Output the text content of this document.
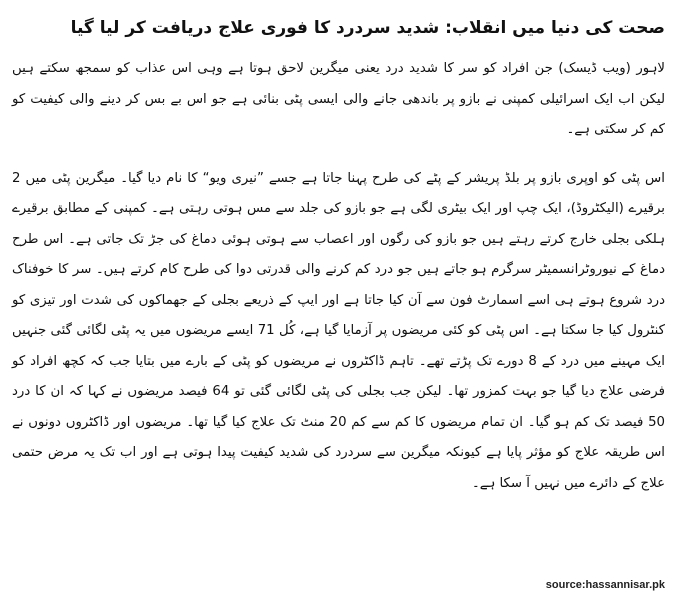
صحت کی دنیا میں انقلاب: شدید سردرد کا فوری علاج دریافت کر لیا گیا

لاہور (ویب ڈیسک) جن افراد کو سر کا شدید درد یعنی میگرین لاحق ہوتا ہے وہی اس عذاب کو سمجھ سکتے ہیں لیکن اب ایک اسرائیلی کمپنی نے بازو پر باندھی جانے والی ایسی پٹی بنائی ہے جو اس بے بس کر دینے والی کیفیت کو کم کر سکتی ہے۔

اس پٹی کو اوپری بازو پر بلڈ پریشر کے پٹے کی طرح پہنا جاتا ہے جسے ”نیری ویو“ کا نام دیا گیا۔ میگرین پٹی میں 2 برقیرے (الیکٹروڈ)، ایک چپ اور ایک بیٹری لگی ہے جو بازو کی جلد سے مس ہوتی رہتی ہے۔ کمپنی کے مطابق برقیرے ہلکی بجلی خارج کرتے رہتے ہیں جو بازو کی رگوں اور اعصاب سے ہوتی ہوئی دماغ کی جڑ تک جاتی ہے۔ اس طرح دماغ کے نیوروٹرانسمیٹر سرگرم ہو جاتے ہیں جو درد کم کرنے والی قدرتی دوا کی طرح کام کرتے ہیں۔ سر کا خوفناک درد شروع ہوتے ہی اسے اسمارٹ فون سے آن کیا جاتا ہے اور ایپ کے ذریعے بجلی کے جھماکوں کی شدت اور تیزی کو کنٹرول کیا جا سکتا ہے۔ اس پٹی کو کئی مریضوں پر آزمایا گیا ہے، کُل 71 ایسے مریضوں میں یہ پٹی لگائی گئی جنہیں ایک مہینے میں درد کے 8 دورے تک پڑتے تھے۔ تاہم ڈاکٹروں نے مریضوں کو پٹی کے بارے میں بتایا جب کہ کچھ افراد کو فرضی علاج دیا گیا جو بہت کمزور تھا۔ لیکن جب بجلی کی پٹی لگائی گئی تو 64 فیصد مریضوں نے کہا کہ ان کا درد 50 فیصد تک کم ہو گیا۔ ان تمام مریضوں کا کم سے کم 20 منٹ تک علاج کیا گیا تھا۔ مریضوں اور ڈاکٹروں دونوں نے اس طریقہ علاج کو مؤثر پایا ہے کیونکہ میگرین سے سردرد کی شدید کیفیت پیدا ہوتی ہے اور اب تک یہ مرض حتمی علاج کے دائرے میں نہیں آ سکا ہے۔

source:hassannisar.pk
